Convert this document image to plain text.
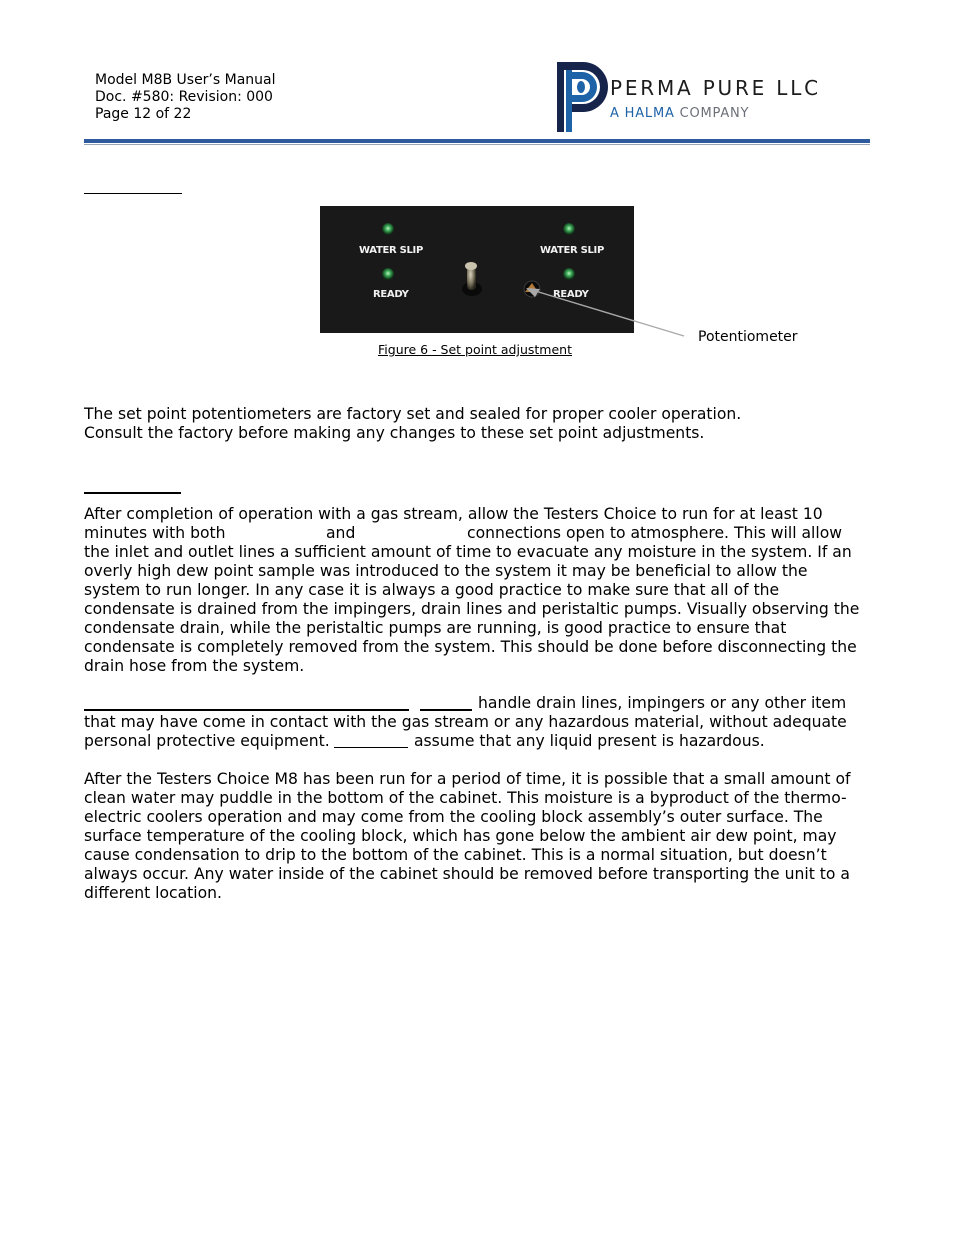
Model M8B User’s Manual
Doc. #580: Revision: 000
Page 12 of 22
PERMA PURE LLC
A HALMA COMPANY
WATER SLIP
READY
WATER SLIP
READY
Potentiometer
Figure 6 - Set point adjustment
The set point potentiometers are factory set and sealed for proper cooler operation.
Consult the factory before making any changes to these set point adjustments.
After completion of operation with a gas stream, allow the Testers Choice to run for at least 10
minutes with both	and	connections open to atmosphere. This will allow
the inlet and outlet lines a sufficient amount of time to evacuate any moisture in the system. If an
overly high dew point sample was introduced to the system it may be beneficial to allow the
system to run longer. In any case it is always a good practice to make sure that all of the
condensate is drained from the impingers, drain lines and peristaltic pumps. Visually observing the
condensate drain, while the peristaltic pumps are running, is good practice to ensure that
condensate is completely removed from the system. This should be done before disconnecting the
drain hose from the system.
handle drain lines, impingers or any other item
that may have come in contact with the gas stream or any hazardous material, without adequate
personal protective equipment.	assume that any liquid present is hazardous.
After the Testers Choice M8 has been run for a period of time, it is possible that a small amount of
clean water may puddle in the bottom of the cabinet. This moisture is a byproduct of the thermo-
electric coolers operation and may come from the cooling block assembly’s outer surface. The
surface temperature of the cooling block, which has gone below the ambient air dew point, may
cause condensation to drip to the bottom of the cabinet. This is a normal situation, but doesn’t
always occur. Any water inside of the cabinet should be removed before transporting the unit to a
different location.
